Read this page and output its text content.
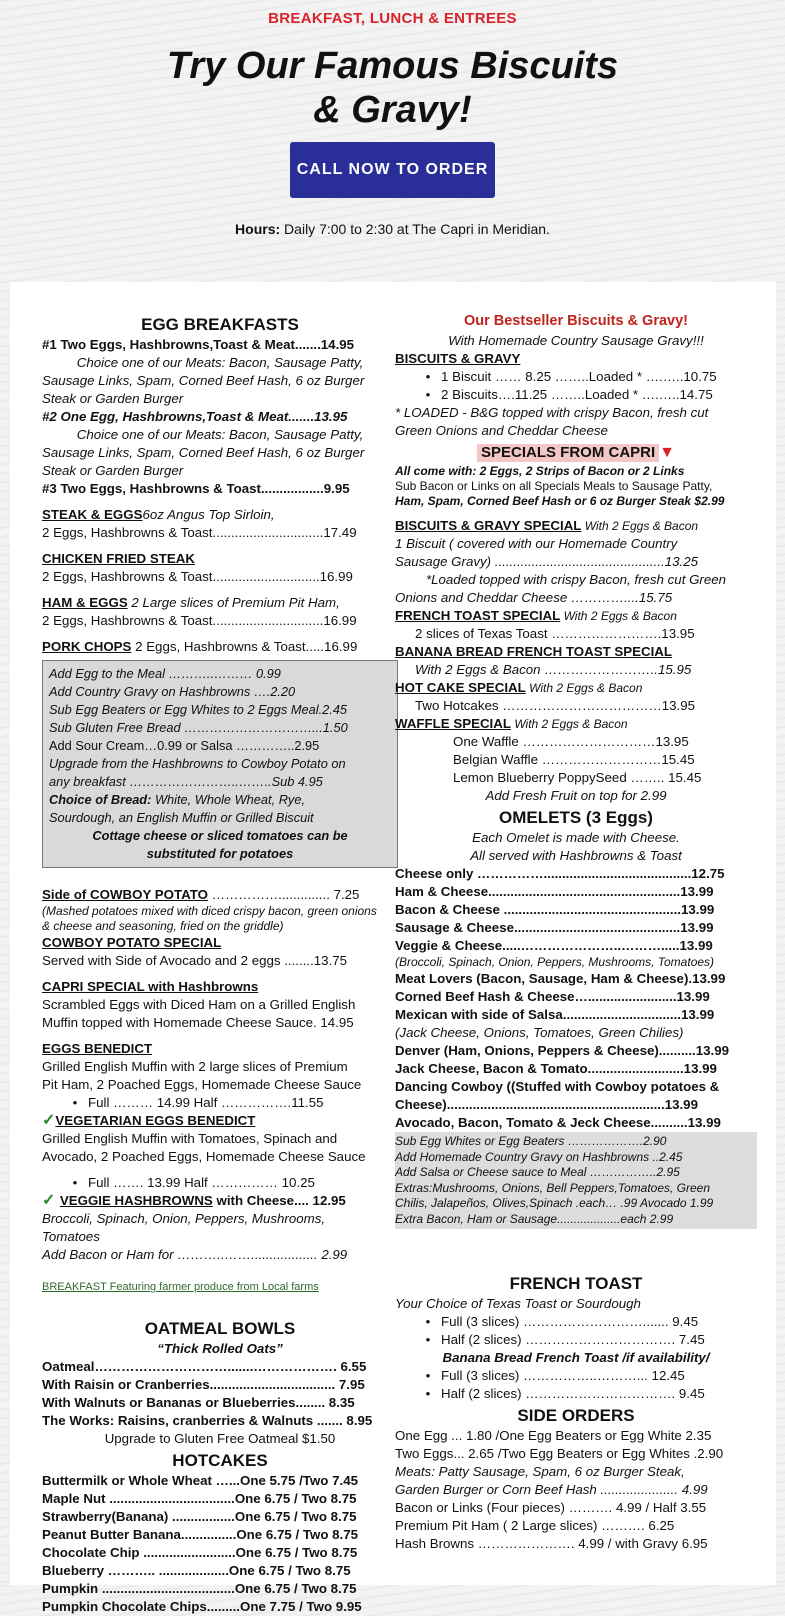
BREAKFAST, LUNCH & ENTREES
Try Our Famous Biscuits
& Gravy!
CALL NOW TO ORDER
Hours: Daily 7:00 to 2:30 at The Capri in Meridian.
EGG BREAKFASTS
#1 Two Eggs, Hashbrowns,Toast & Meat.......14.95
Choice one of our Meats: Bacon, Sausage Patty,
Sausage Links, Spam, Corned Beef Hash, 6 oz Burger
Steak or Garden Burger
#2 One Egg, Hashbrowns,Toast & Meat.......13.95
Choice one of our Meats: Bacon, Sausage Patty,
Sausage Links, Spam, Corned Beef Hash, 6 oz Burger
Steak or Garden Burger
#3 Two Eggs, Hashbrowns & Toast.................9.95
STEAK & EGGS6oz Angus Top Sirloin,
2 Eggs, Hashbrowns & Toast..............................17.49
CHICKEN FRIED STEAK
2 Eggs, Hashbrowns & Toast.............................16.99
HAM & EGGS 2 Large slices of Premium Pit Ham,
2 Eggs, Hashbrowns & Toast..............................16.99
PORK CHOPS 2 Eggs, Hashbrowns & Toast.....16.99
Add Egg to the Meal ………..……… 0.99
Add Country Gravy on Hashbrowns ….2.20
Sub Egg Beaters or Egg Whites to 2 Eggs Meal.2.45
Sub Gluten Free Bread …………………………...1.50
Add Sour Cream…0.99 or Salsa …………..2.95
Upgrade from the Hashbrowns to Cowboy Potato on
any breakfast ……………………..……..Sub 4.95
Choice of Bread: White, Whole Wheat, Rye,
Sourdough, an English Muffin or Grilled Biscuit
Cottage cheese or sliced tomatoes can be
substituted for potatoes
Side of COWBOY POTATO …………….............. 7.25
(Mashed potatoes mixed with diced crispy bacon, green onions
& cheese and seasoning, fried on the griddle)
COWBOY POTATO SPECIAL
Served with Side of Avocado and 2 eggs ........13.75
CAPRI SPECIAL with Hashbrowns
Scrambled Eggs with Diced Ham on a Grilled English
Muffin topped with Homemade Cheese Sauce. 14.95
EGGS BENEDICT
Grilled English Muffin with 2 large slices of Premium
Pit Ham, 2 Poached Eggs, Homemade Cheese Sauce
• Full ……… 14.99 Half …………….11.55
✓VEGETARIAN EGGS BENEDICT
Grilled English Muffin with Tomatoes, Spinach and
Avocado, 2 Poached Eggs, Homemade Cheese Sauce
• Full ……. 13.99 Half …………… 10.25
✓ VEGGIE HASHBROWNS with Cheese.... 12.95
Broccoli, Spinach, Onion, Peppers, Mushrooms,
Tomatoes
Add Bacon or Ham for ………..…….................. 2.99
BREAKFAST Featuring farmer produce from Local farms
OATMEAL BOWLS
“Thick Rolled Oats”
Oatmeal………………………….......………………. 6.55
With Raisin or Cranberries.................................. 7.95
With Walnuts or Bananas or Blueberries........ 8.35
The Works: Raisins, cranberries & Walnuts ....... 8.95
Upgrade to Gluten Free Oatmeal $1.50
HOTCAKES
Buttermilk or Whole Wheat …...One 5.75 /Two 7.45
Maple Nut ..................................One 6.75 / Two 8.75
Strawberry(Banana) .................One 6.75 / Two 8.75
Peanut Butter Banana...............One 6.75 / Two 8.75
Chocolate Chip .........................One 6.75 / Two 8.75
Blueberry ……….. ...................One 6.75 / Two 8.75
Pumpkin ....................................One 6.75 / Two 8.75
Pumpkin Chocolate Chips.........One 7.75 / Two 9.95
Our Bestseller Biscuits & Gravy!
With Homemade Country Sausage Gravy!!!
BISCUITS & GRAVY
• 1 Biscuit …… 8.25 ……..Loaded * ….…..10.75
• 2 Biscuits….11.25 ……..Loaded * ….…..14.75
* LOADED - B&G topped with crispy Bacon, fresh cut
Green Onions and Cheddar Cheese
SPECIALS FROM CAPRI ▼
All come with: 2 Eggs, 2 Strips of Bacon or 2 Links
Sub Bacon or Links on all Specials Meals to Sausage Patty,
Ham, Spam, Corned Beef Hash or 6 oz Burger Steak $2.99
BISCUITS & GRAVY SPECIAL With 2 Eggs & Bacon
1 Biscuit ( covered with our Homemade Country
Sausage Gravy) ..............................................13.25
*Loaded topped with crispy Bacon, fresh cut Green
Onions and Cheddar Cheese …………....15.75
FRENCH TOAST SPECIAL With 2 Eggs & Bacon
2 slices of Texas Toast …………………….13.95
BANANA BREAD FRENCH TOAST SPECIAL
With 2 Eggs & Bacon ……………………..15.95
HOT CAKE SPECIAL With 2 Eggs & Bacon
Two Hotcakes ………………………………13.95
WAFFLE SPECIAL With 2 Eggs & Bacon
One Waffle …………………………13.95
Belgian Waffle ………………………15.45
Lemon Blueberry PoppySeed …….. 15.45
Add Fresh Fruit on top for 2.99
OMELETS (3 Eggs)
Each Omelet is made with Cheese.
All served with Hashbrowns & Toast
Cheese only ……………........................................12.75
Ham & Cheese....................................................13.99
Bacon & Cheese ................................................13.99
Sausage & Cheese.............................................13.99
Veggie & Cheese.....…………………..……….....13.99
(Broccoli, Spinach, Onion, Peppers, Mushrooms, Tomatoes)
Meat Lovers (Bacon, Sausage, Ham & Cheese).13.99
Corned Beef Hash & Cheese…........................13.99
Mexican with side of Salsa................................13.99
(Jack Cheese, Onions, Tomatoes, Green Chilies)
Denver (Ham, Onions, Peppers & Cheese)..........13.99
Jack Cheese, Bacon & Tomato..........................13.99
Dancing Cowboy ((Stuffed with Cowboy potatoes &
Cheese)...........................................................13.99
Avocado, Bacon, Tomato & Jeck Cheese..........13.99
Sub Egg Whites or Egg Beaters ……………….2.90
Add Homemade Country Gravy on Hashbrowns ..2.45
Add Salsa or Cheese sauce to Meal ……………..2.95
Extras:Mushrooms, Onions, Bell Peppers,Tomatoes, Green
Chilis, Jalapeños, Olives,Spinach .each… .99 Avocado 1.99
Extra Bacon, Ham or Sausage...................each 2.99
FRENCH TOAST
Your Choice of Texas Toast or Sourdough
• Full (3 slices) ………………………....... 9.45
• Half (2 slices) ……………………………. 7.45
Banana Bread French Toast /if availability/
• Full (3 slices) ……………..………... 12.45
• Half (2 slices) ……………………………. 9.45
SIDE ORDERS
One Egg ... 1.80 /One Egg Beaters or Egg White 2.35
Two Eggs... 2.65 /Two Egg Beaters or Egg Whites .2.90
Meats: Patty Sausage, Spam, 6 oz Burger Steak,
Garden Burger or Corn Beef Hash ..................... 4.99
Bacon or Links (Four pieces) ………. 4.99 / Half 3.55
Premium Pit Ham ( 2 Large slices) ………. 6.25
Hash Browns …………………. 4.99 / with Gravy 6.95
